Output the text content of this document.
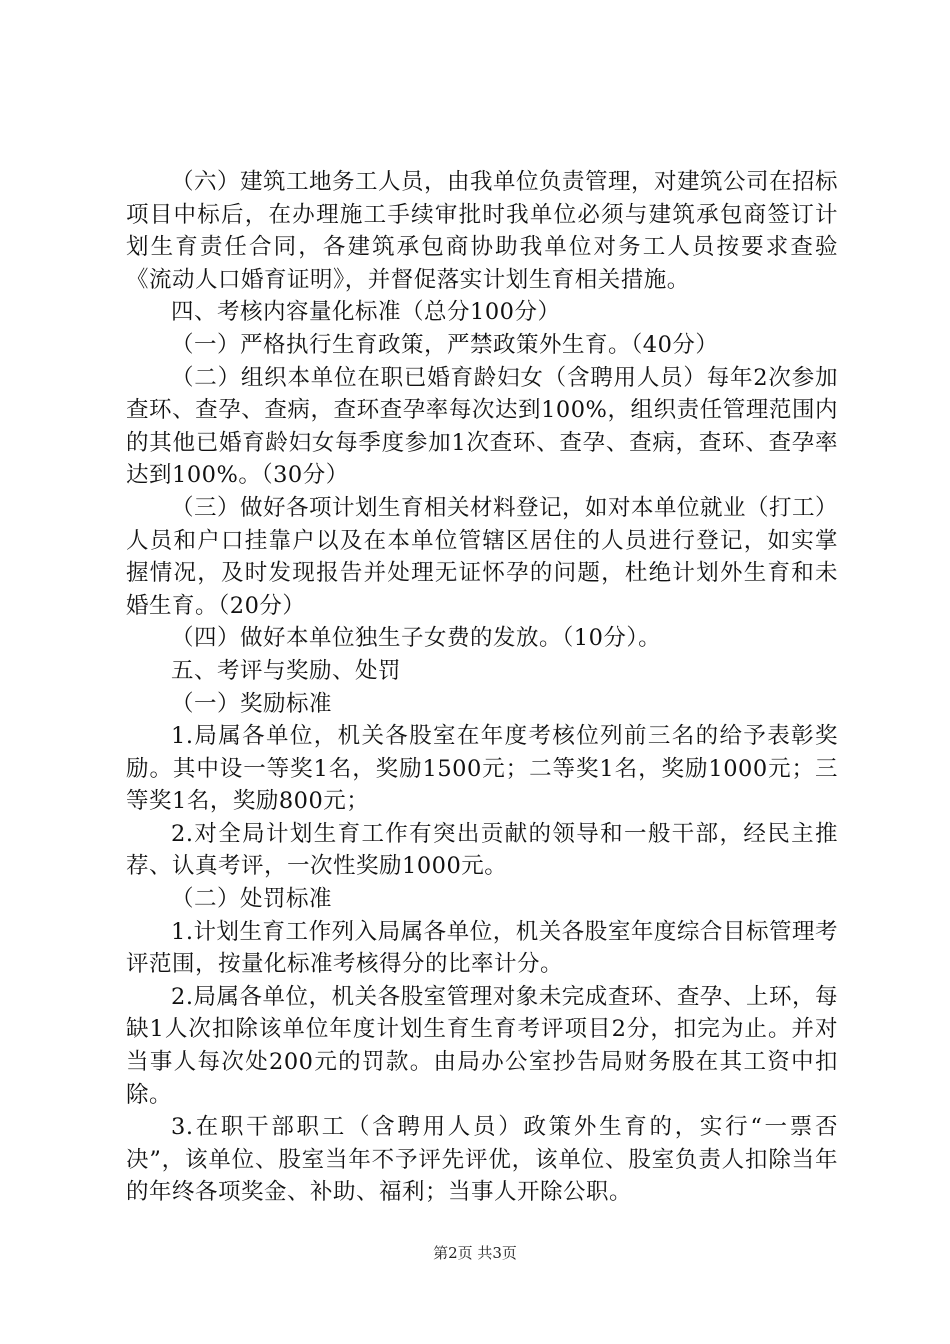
（六）建筑工地务工人员，由我单位负责管理，对建筑公司在招标项目中标后，在办理施工手续审批时我单位必须与建筑承包商签订计划生育责任合同，各建筑承包商协助我单位对务工人员按要求查验《流动人口婚育证明》，并督促落实计划生育相关措施。

四、考核内容量化标准（总分100分）

（一）严格执行生育政策，严禁政策外生育。（40分）

（二）组织本单位在职已婚育龄妇女（含聘用人员）每年2次参加查环、查孕、查病，查环查孕率每次达到100%，组织责任管理范围内的其他已婚育龄妇女每季度参加1次查环、查孕、查病，查环、查孕率达到100%。（30分）

（三）做好各项计划生育相关材料登记，如对本单位就业（打工）人员和户口挂靠户以及在本单位管辖区居住的人员进行登记，如实掌握情况，及时发现报告并处理无证怀孕的问题，杜绝计划外生育和未婚生育。（20分）

（四）做好本单位独生子女费的发放。（10分）。

五、考评与奖励、处罚

（一）奖励标准

1.局属各单位，机关各股室在年度考核位列前三名的给予表彰奖励。其中设一等奖1名，奖励1500元；二等奖1名，奖励1000元；三等奖1名，奖励800元；

2.对全局计划生育工作有突出贡献的领导和一般干部，经民主推荐、认真考评，一次性奖励1000元。

（二）处罚标准

1.计划生育工作列入局属各单位，机关各股室年度综合目标管理考评范围，按量化标准考核得分的比率计分。

2.局属各单位，机关各股室管理对象未完成查环、查孕、上环，每缺1人次扣除该单位年度计划生育生育考评项目2分，扣完为止。并对当事人每次处200元的罚款。由局办公室抄告局财务股在其工资中扣除。

3.在职干部职工（含聘用人员）政策外生育的，实行“一票否决”，该单位、股室当年不予评先评优，该单位、股室负责人扣除当年的年终各项奖金、补助、福利；当事人开除公职。

第2页 共3页
